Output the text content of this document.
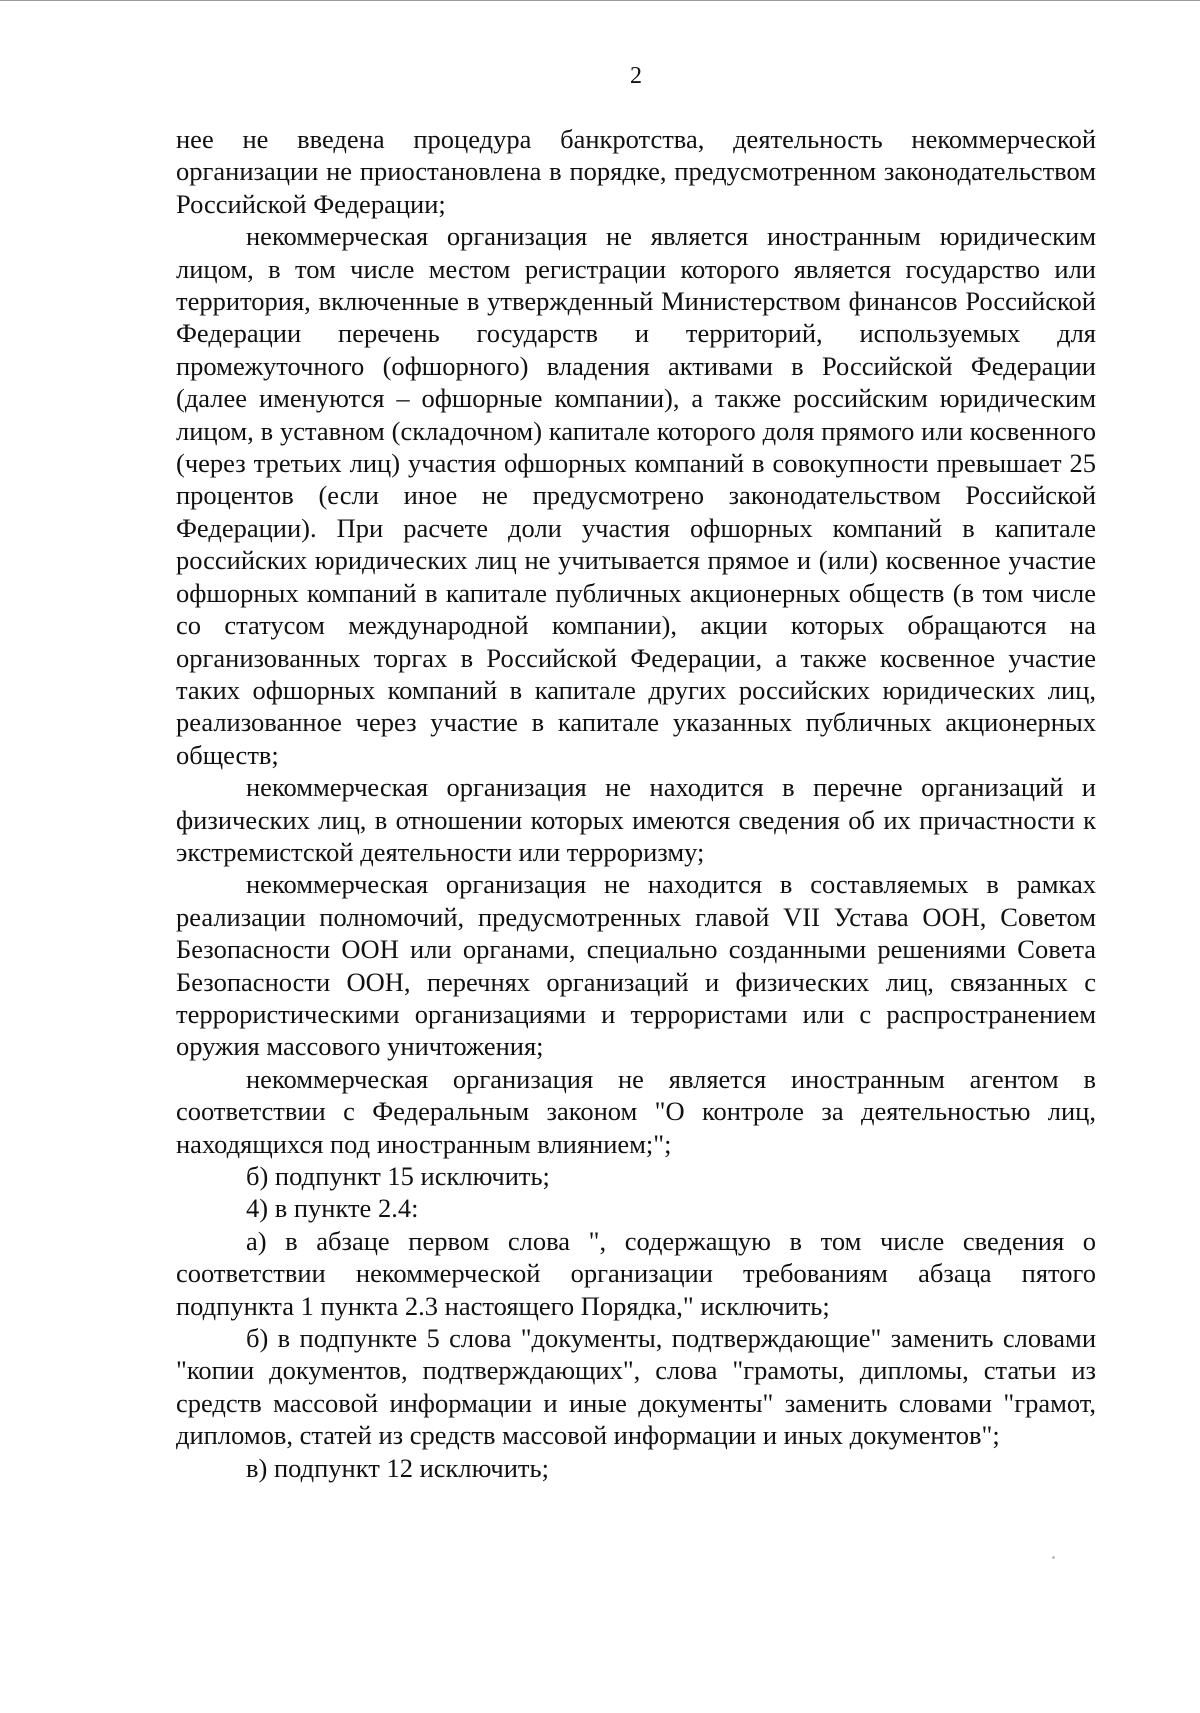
2

нее не введена процедура банкротства, деятельность некоммерческой организации не приостановлена в порядке, предусмотренном законодательством Российской Федерации;

некоммерческая организация не является иностранным юридическим лицом, в том числе местом регистрации которого является государство или территория, включенные в утвержденный Министерством финансов Российской Федерации перечень государств и территорий, используемых для промежуточного (офшорного) владения активами в Российской Федерации (далее именуются – офшорные компании), а также российским юридическим лицом, в уставном (складочном) капитале которого доля прямого или косвенного (через третьих лиц) участия офшорных компаний в совокупности превышает 25 процентов (если иное не предусмотрено законодательством Российской Федерации). При расчете доли участия офшорных компаний в капитале российских юридических лиц не учитывается прямое и (или) косвенное участие офшорных компаний в капитале публичных акционерных обществ (в том числе со статусом международной компании), акции которых обращаются на организованных торгах в Российской Федерации, а также косвенное участие таких офшорных компаний в капитале других российских юридических лиц, реализованное через участие в капитале указанных публичных акционерных обществ;

некоммерческая организация не находится в перечне организаций и физических лиц, в отношении которых имеются сведения об их причастности к экстремистской деятельности или терроризму;

некоммерческая организация не находится в составляемых в рамках реализации полномочий, предусмотренных главой VII Устава ООН, Советом Безопасности ООН или органами, специально созданными решениями Совета Безопасности ООН, перечнях организаций и физических лиц, связанных с террористическими организациями и террористами или с распространением оружия массового уничтожения;

некоммерческая организация не является иностранным агентом в соответствии с Федеральным законом "О контроле за деятельностью лиц, находящихся под иностранным влиянием;";

б) подпункт 15 исключить;

4) в пункте 2.4:

а) в абзаце первом слова ", содержащую в том числе сведения о соответствии некоммерческой организации требованиям абзаца пятого подпункта 1 пункта 2.3 настоящего Порядка," исключить;

б) в подпункте 5 слова "документы, подтверждающие" заменить словами "копии документов, подтверждающих", слова "грамоты, дипломы, статьи из средств массовой информации и иные документы" заменить словами "грамот, дипломов, статей из средств массовой информации и иных документов";

в) подпункт 12 исключить;
